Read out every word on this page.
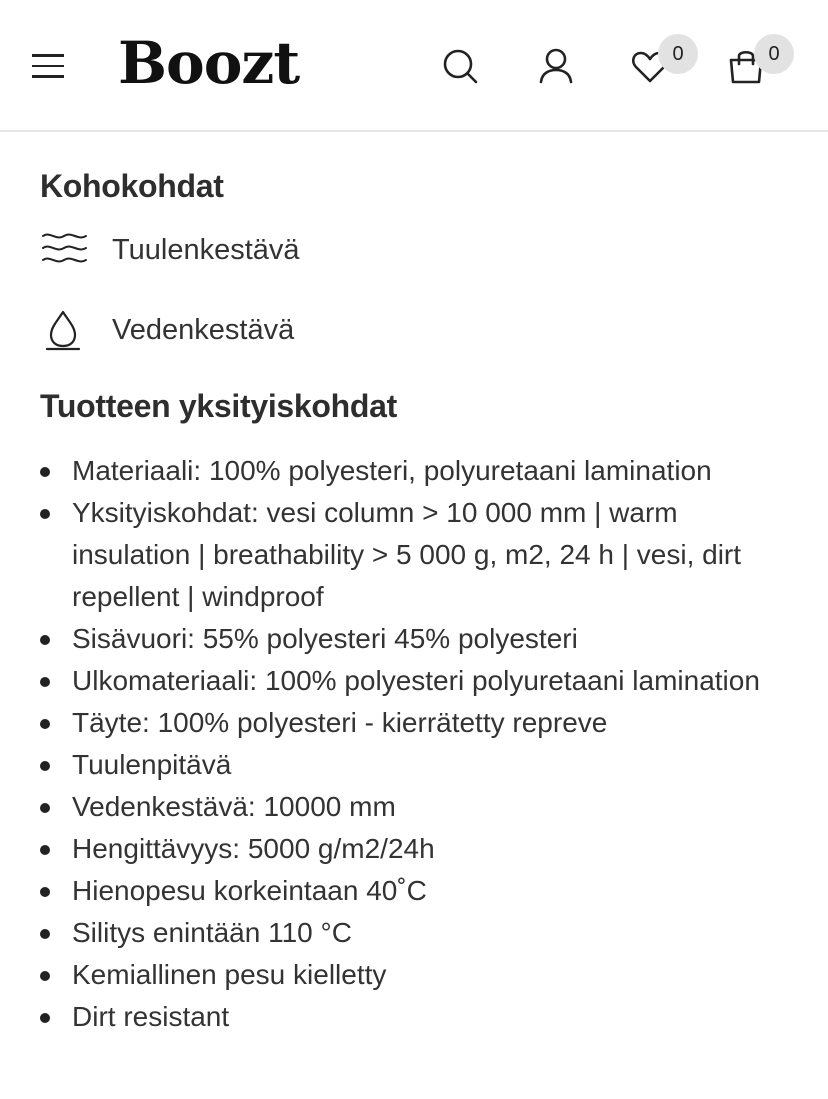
Boozt	0	0
Kohokohdat
Tuulenkestävä
Vedenkestävä
Tuotteen yksityiskohdat
Materiaali: 100% polyesteri, polyuretaani lamination
Yksityiskohdat: vesi column > 10 000 mm | warm insulation | breathability > 5 000 g, m2, 24 h | vesi, dirt repellent | windproof
Sisävuori: 55% polyesteri 45% polyesteri
Ulkomateriaali: 100% polyesteri polyuretaani lamination
Täyte: 100% polyesteri - kierrätetty repreve
Tuulenpitävä
Vedenkestävä: 10000 mm
Hengittävyys: 5000 g/m2/24h
Hienopesu korkeintaan 40˚C
Silitys enintään 110 °C
Kemiallinen pesu kielletty
Dirt resistant
